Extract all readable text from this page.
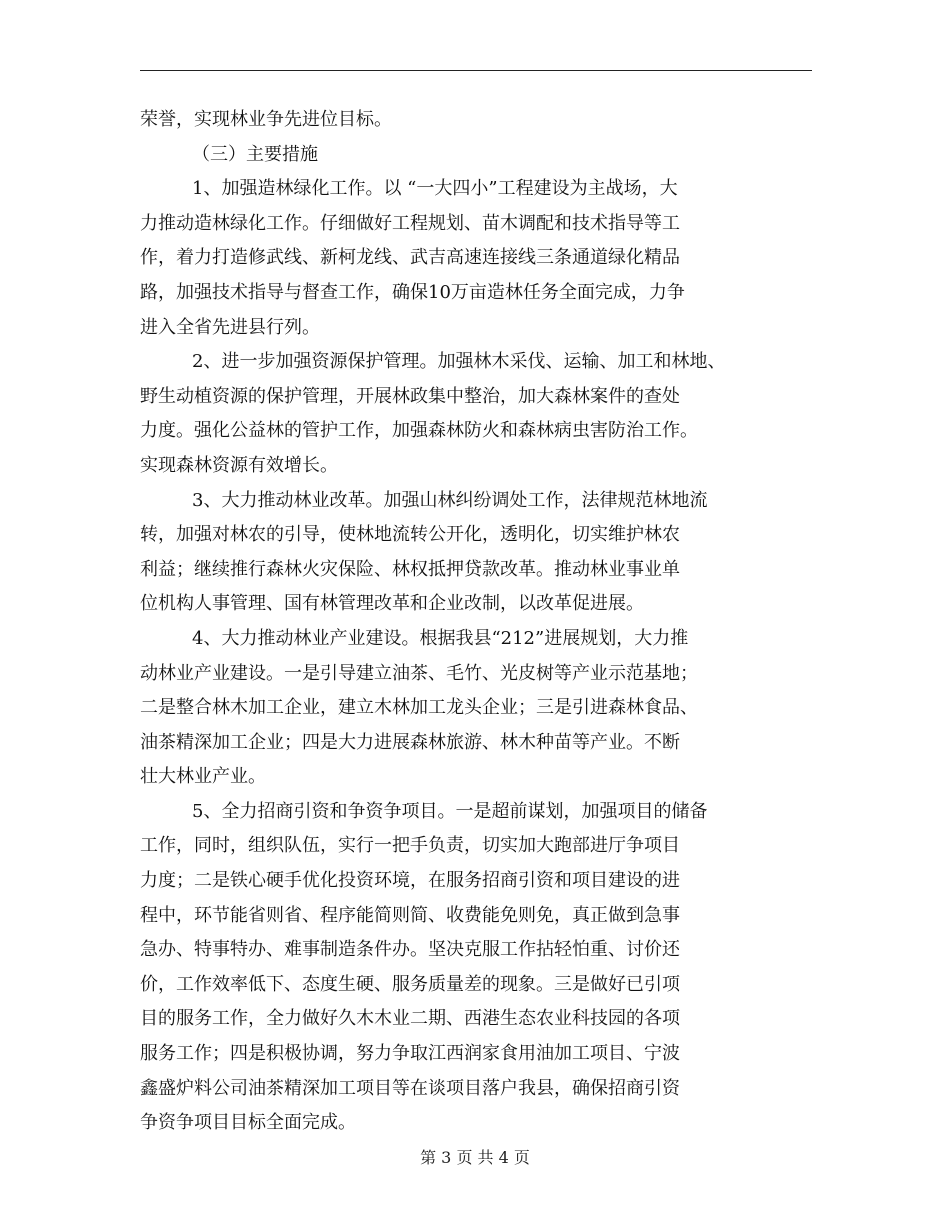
荣誉，实现林业争先进位目标。
（三）主要措施
1、加强造林绿化工作。以 “一大四小”工程建设为主战场，大
力推动造林绿化工作。仔细做好工程规划、苗木调配和技术指导等工
作，着力打造修武线、新柯龙线、武吉高速连接线三条通道绿化精品
路，加强技术指导与督查工作，确保10万亩造林任务全面完成，力争
进入全省先进县行列。
2、进一步加强资源保护管理。加强林木采伐、运输、加工和林地、
野生动植资源的保护管理，开展林政集中整治，加大森林案件的查处
力度。强化公益林的管护工作，加强森林防火和森林病虫害防治工作。
实现森林资源有效增长。
3、大力推动林业改革。加强山林纠纷调处工作，法律规范林地流
转，加强对林农的引导，使林地流转公开化，透明化，切实维护林农
利益；继续推行森林火灾保险、林权抵押贷款改革。推动林业事业单
位机构人事管理、国有林管理改革和企业改制，以改革促进展。
4、大力推动林业产业建设。根据我县“212”进展规划，大力推
动林业产业建设。一是引导建立油茶、毛竹、光皮树等产业示范基地；
二是整合林木加工企业，建立木林加工龙头企业；三是引进森林食品、
油茶精深加工企业；四是大力进展森林旅游、林木种苗等产业。不断
壮大林业产业。
5、全力招商引资和争资争项目。一是超前谋划，加强项目的储备
工作，同时，组织队伍，实行一把手负责，切实加大跑部进厅争项目
力度；二是铁心硬手优化投资环境，在服务招商引资和项目建设的进
程中，环节能省则省、程序能简则简、收费能免则免，真正做到急事
急办、特事特办、难事制造条件办。坚决克服工作拈轻怕重、讨价还
价，工作效率低下、态度生硬、服务质量差的现象。三是做好已引项
目的服务工作，全力做好久木木业二期、西港生态农业科技园的各项
服务工作；四是积极协调，努力争取江西润家食用油加工项目、宁波
鑫盛炉料公司油茶精深加工项目等在谈项目落户我县，确保招商引资
争资争项目目标全面完成。
第 3 页 共 4 页
